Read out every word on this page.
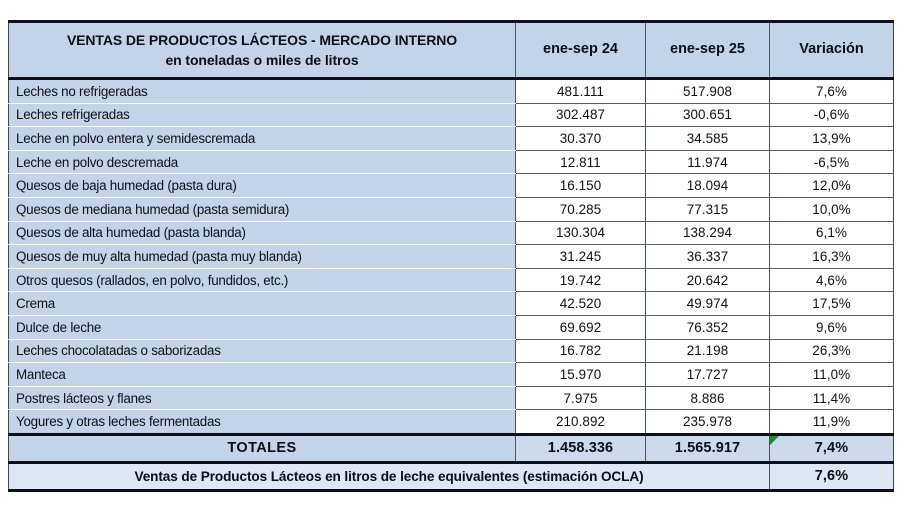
VENTAS DE PRODUCTOS LÁCTEOS - MERCADO INTERNO
en toneladas o miles de litros	ene-sep 24	ene-sep 25	Variación
Leches no refrigeradas	481.111	517.908	7,6%
Leches refrigeradas	302.487	300.651	-0,6%
Leche en polvo entera y semidescremada	30.370	34.585	13,9%
Leche en polvo descremada	12.811	11.974	-6,5%
Quesos de baja humedad (pasta dura)	16.150	18.094	12,0%
Quesos de mediana humedad (pasta semidura)	70.285	77.315	10,0%
Quesos de alta humedad (pasta blanda)	130.304	138.294	6,1%
Quesos de muy alta humedad (pasta muy blanda)	31.245	36.337	16,3%
Otros quesos (rallados, en polvo, fundidos, etc.)	19.742	20.642	4,6%
Crema	42.520	49.974	17,5%
Dulce de leche	69.692	76.352	9,6%
Leches chocolatadas o saborizadas	16.782	21.198	26,3%
Manteca	15.970	17.727	11,0%
Postres lácteos y flanes	7.975	8.886	11,4%
Yogures y otras leches fermentadas	210.892	235.978	11,9%
TOTALES	1.458.336	1.565.917	7,4%
Ventas de Productos Lácteos en litros de leche equivalentes (estimación OCLA)			7,6%
